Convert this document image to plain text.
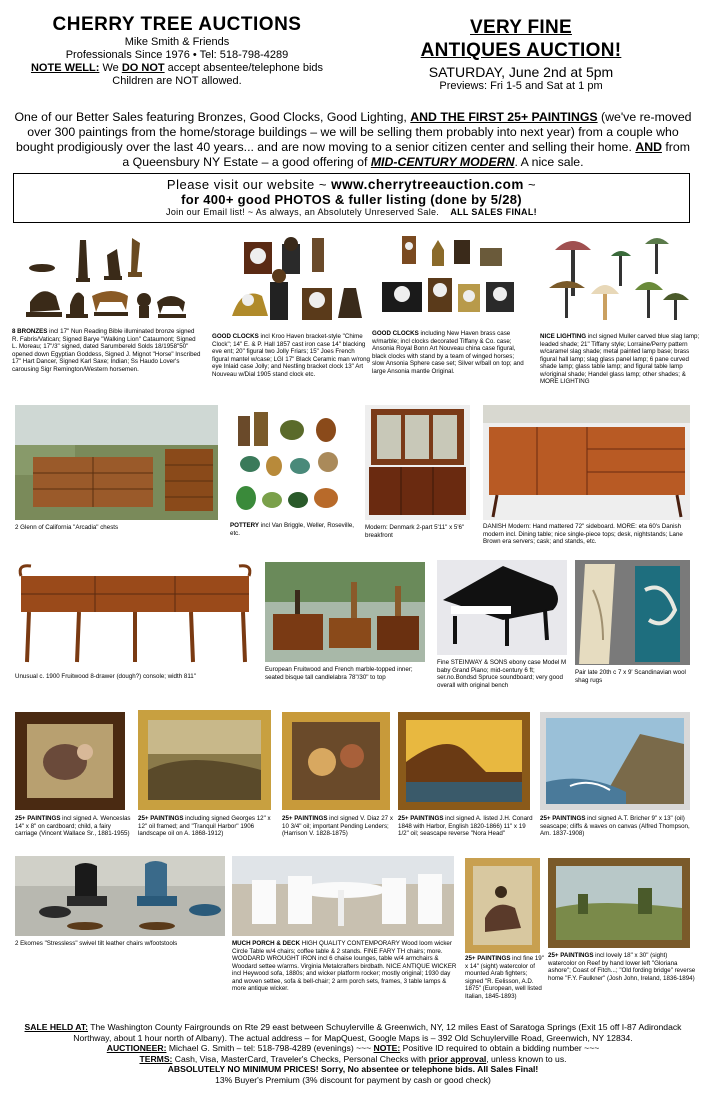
CHERRY TREE AUCTIONS
Mike Smith & Friends
Professionals Since 1976 • Tel: 518-798-4289
NOTE WELL: We DO NOT accept absentee/telephone bids
Children are NOT allowed.
VERY FINE
ANTIQUES AUCTION!
SATURDAY, June 2nd at 5pm
Previews: Fri 1-5 and Sat at 1 pm
One of our Better Sales featuring Bronzes, Good Clocks, Good Lighting, AND THE FIRST 25+ PAINTINGS (we've re-moved over 300 paintings from the home/storage buildings – we will be selling them probably into next year) from a couple who bought prodigiously over the last 40 years... and are now moving to a senior citizen center and selling their home. AND from a Queensbury NY Estate – a good offering of MID-CENTURY MODERN. A nice sale.
Please visit our website ~ www.cherrytreeauction.com ~
for 400+ good PHOTOS & fuller listing (done by 5/28)
Join our Email list! ~ As always, an Absolutely Unreserved Sale. ALL SALES FINAL!
8 BRONZES incl 17" Nun Reading Bible illuminated bronze signed R. Fabris/Vatican; Signed Barye "Walking Lion" Cataumont; Signed L. Moreau; 17"/3" signed, dated Sarumbereld Solds 18/1958"50" opened down Egyptian Goddess, Signed J. Mignot "Horse" Inscribed 17" Hart Dancer, Signed Karl Saxe; Indian; Ss Haudo Lover's carousing Sigr Remington/Western horsemen.
GOOD CLOCKS incl Kroo Haven bracket-style "Chime Clock"; 14" E. & P. Hall 1857 cast iron case 14" blacking eve ent; 20" figural two Jolly Friars; 15" Joes French figural mantel w/case; LGI 17" Black Ceramic man w/rong eye Inlaid case Jolly; and Nestling bracket clock 13" Art Nouveau w/Dial 1905 stand clock etc.
GOOD CLOCKS including New Haven brass case w/marble; incl clocks decorated Tiffany & Co. case; Ansonia Royal Bonn Art Nouveau china case figural, black clocks with stand by a team of winged horses; slow Ansonia Sphere case set; Silver w/ball on top; and large Ansonia mantle Original.
NICE LIGHTING incl signed Muller carved blue slag lamp; leaded shade; 21" Tiffany style; Lorraine/Perry pattern w/caramel slag shade; metal painted lamp base; brass figural hall lamp; slag glass panel lamp; 6 pane curved shade lamp; glass table lamp; and figural table lamp w/original shade; Handel glass lamp; other shades; & MORE LIGHTING
2 Glenn of California "Arcadia" chests	POTTERY incl Van Briggle, Weller, Roseville, etc.
Modern: Denmark 2-part 5'11" x 5'6" breakfront
DANISH Modern: Hand mattered 72" sideboard. MORE: eta 60's Danish modern incl. Dining table; nice single-piece tops; desk, nightstands; Lane Brown era servers; cask; and stands, etc.
Unusual c. 1900 Fruitwood 8-drawer (dough?) console; width 811"
European Fruitwood and French marble-topped inner; seated bisque tall candlelabra 78"/30" to top
Fine STEINWAY & SONS ebony case Model M baby Grand Piano; mid-century 6 ft; ser.no.Bondsd Spruce soundboard; very good overall with original bench
Pair late 20th c 7 x 9' Scandinavian wool shag rugs
25+ PAINTINGS incl signed A. Wenceslas 14" x 8" on cardboard; child, a fairy carriage (Vincent Wallace Sr., 1881-1955)
25+ PAINTINGS including signed Georges 12" x 12" oil framed; and "Tranquil Harbor" 1906 landscape oil on A. 1868-1912)
25+ PAINTINGS incl signed V. Diaz 27 x 10 3/4" oil; important Pending Lenders; (Harrison V. 1828-1875)
25+ PAINTINGS incl signed A. listed J.H. Conard 1848 with Harbor, English 1820-1866) 11" x 19 1/2" oil; seascape reverse "Nora Head"
25+ PAINTINGS incl signed A.T. Bricher 9" x 13" (oil) seascape; cliffs & waves on canvas (Alfred Thompson, Am. 1837-1908)
2 Ekornes "Stressless" swivel tilt leather chairs w/footstools	MUCH PORCH & DECK HIGH QUALITY CONTEMPORARY Wood loom wicker Circle Table w/4 chairs; coffee table & 2 stands. FINE FARY TH chairs; more. WOODARD WROUGHT IRON incl 6 chaise lounges, table w/4 armchairs & Woodard settee w/arms. Virginia Metalcrafters birdbath. NICE ANTIQUE WICKER incl Heywood sofa, 1880s; and wicker platform rocker; mostly original; 1930 day and woven settee, sofa & bell-chair; 2 arm porch sets, frames, 3 table lamps & more antique wicker.
25+ PAINTINGS incl fine 19" x 14" (sight) watercolor of mounted Arab fighters; signed "R. Eelisson, A.D. 1875" (European, well listed Italian, 1845-1893)
25+ PAINTINGS incl lovely 18" x 30" (sight) watercolor on Reef by hand lower left "Gloriana ashore"; Coast of Fitch...; "Old fording bridge" reverse home "F.Y. Faulkner" (Josh John, Ireland, 1836-1894)
SALE HELD AT: The Washington County Fairgrounds on Rte 29 east between Schuylerville & Greenwich, NY, 12 miles East of Saratoga Springs (Exit 15 off I-87 Adirondack Northway, about 1 hour north of Albany). The actual address – for MapQuest, Google Maps is – 392 Old Schuylerville Road, Greenwich, NY 12834.
AUCTIONEER: Michael G. Smith – tel: 518-798-4289 (evenings) ~~~ NOTE: Positive ID required to obtain a bidding number ~~~
TERMS: Cash, Visa, MasterCard, Traveler's Checks, Personal Checks with prior approval, unless known to us.
ABSOLUTELY NO MINIMUM PRICES! Sorry, No absentee or telephone bids. All Sales Final!
13% Buyer's Premium (3% discount for payment by cash or good check)
